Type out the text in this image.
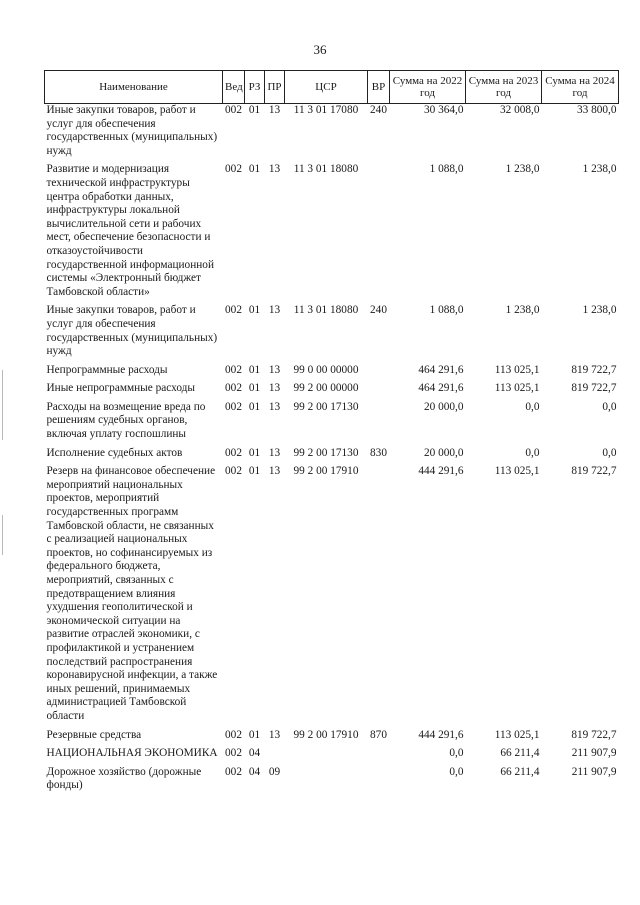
36
Наименование	Вед	РЗ	ПР	ЦСР	ВР	Сумма на 2022 год	Сумма на 2023 год	Сумма на 2024 год
Иные закупки товаров, работ и услуг для обеспечения государственных (муниципальных) нужд	002	01	13	11 3 01 17080	240	30 364,0	32 008,0	33 800,0
Развитие и модернизация технической инфраструктуры центра обработки данных, инфраструктуры локальной вычислительной сети и рабочих мест, обеспечение безопасности и отказоустойчивости государственной информационной системы «Электронный бюджет Тамбовской области»	002	01	13	11 3 01 18080		1 088,0	1 238,0	1 238,0
Иные закупки товаров, работ и услуг для обеспечения государственных (муниципальных) нужд	002	01	13	11 3 01 18080	240	1 088,0	1 238,0	1 238,0
Непрограммные расходы	002	01	13	99 0 00 00000		464 291,6	113 025,1	819 722,7
Иные непрограммные расходы	002	01	13	99 2 00 00000		464 291,6	113 025,1	819 722,7
Расходы на возмещение вреда по решениям судебных органов, включая уплату госпошлины	002	01	13	99 2 00 17130		20 000,0	0,0	0,0
Исполнение судебных актов	002	01	13	99 2 00 17130	830	20 000,0	0,0	0,0
Резерв на финансовое обеспечение мероприятий национальных проектов, мероприятий государственных программ Тамбовской области, не связанных с реализацией национальных проектов, но софинансируемых из федерального бюджета, мероприятий, связанных с предотвращением влияния ухудшения геополитической и экономической ситуации на развитие отраслей экономики, с профилактикой и устранением последствий распространения коронавирусной инфекции, а также иных решений, принимаемых администрацией Тамбовской области	002	01	13	99 2 00 17910		444 291,6	113 025,1	819 722,7
Резервные средства	002	01	13	99 2 00 17910	870	444 291,6	113 025,1	819 722,7
НАЦИОНАЛЬНАЯ ЭКОНОМИКА	002	04				0,0	66 211,4	211 907,9
Дорожное хозяйство (дорожные фонды)	002	04	09			0,0	66 211,4	211 907,9
